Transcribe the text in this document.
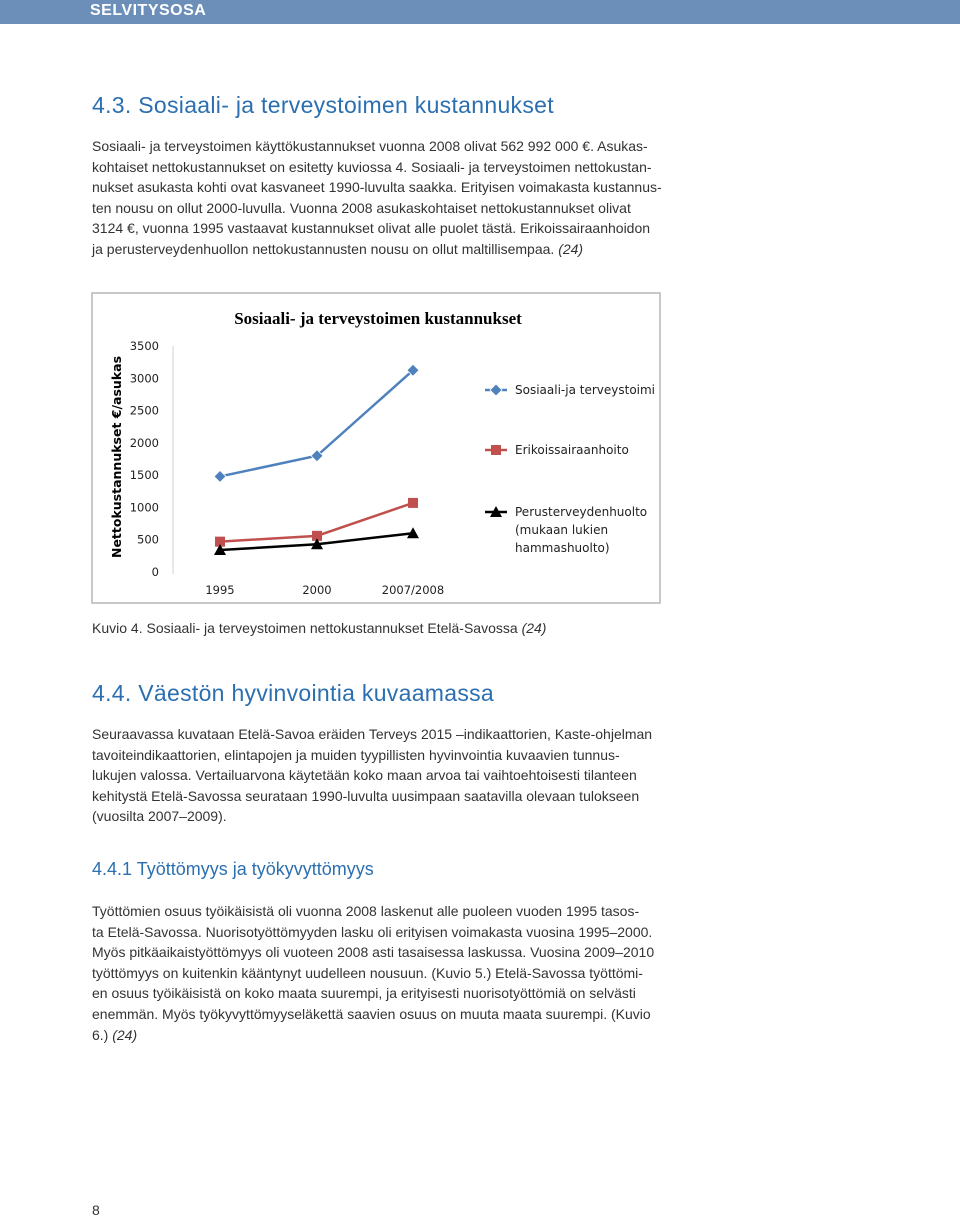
SELVITYSOSA
4.3. Sosiaali- ja terveystoimen kustannukset
Sosiaali- ja terveystoimen käyttökustannukset vuonna 2008 olivat 562 992 000 €. Asukas-
kohtaiset nettokustannukset on esitetty kuviossa 4. Sosiaali- ja terveystoimen nettokustan-
nukset asukasta kohti ovat kasvaneet 1990-luvulta saakka. Erityisen voimakasta kustannus-
ten nousu on ollut 2000-luvulla. Vuonna 2008 asukaskohtaiset nettokustannukset olivat
3124 €, vuonna 1995 vastaavat kustannukset olivat alle puolet tästä. Erikoissairaanhoidon
ja perusterveydenhuollon nettokustannusten nousu on ollut maltillisempaa. (24)
Sosiaali- ja terveystoimen kustannukset
Nettokustannukset €/asukas
0
500
1000
1500
2000
2500
3000
3500
1995	2000	2007/2008
Sosiaali-ja terveystoimi
Erikoissairaanhoito
Perusterveydenhuolto (mukaan lukien hammashuolto)

Kuvio 4. Sosiaali- ja terveystoimen nettokustannukset Etelä-Savossa (24)

4.4. Väestön hyvinvointia kuvaamassa
Seuraavassa kuvataan Etelä-Savoa eräiden Terveys 2015 –indikaattorien, Kaste-ohjelman
tavoiteindikaattorien, elintapojen ja muiden tyypillisten hyvinvointia kuvaavien tunnus-
lukujen valossa. Vertailuarvona käytetään koko maan arvoa tai vaihtoehtoisesti tilanteen
kehitystä Etelä-Savossa seurataan 1990-luvulta uusimpaan saatavilla olevaan tulokseen
(vuosilta 2007–2009).
4.4.1 Työttömyys ja työkyvyttömyys
Työttömien osuus työikäisistä oli vuonna 2008 laskenut alle puoleen vuoden 1995 tasos-
ta Etelä-Savossa. Nuorisotyöttömyyden lasku oli erityisen voimakasta vuosina 1995–2000.
Myös pitkäaikaistyöttömyys oli vuoteen 2008 asti tasaisessa laskussa. Vuosina 2009–2010
työttömyys on kuitenkin kääntynyt uudelleen nousuun. (Kuvio 5.) Etelä-Savossa työttömi-
en osuus työikäisistä on koko maata suurempi, ja erityisesti nuorisotyöttömiä on selvästi
enemmän. Myös työkyvyttömyyseläkettä saavien osuus on muuta maata suurempi. (Kuvio
6.) (24)
8
